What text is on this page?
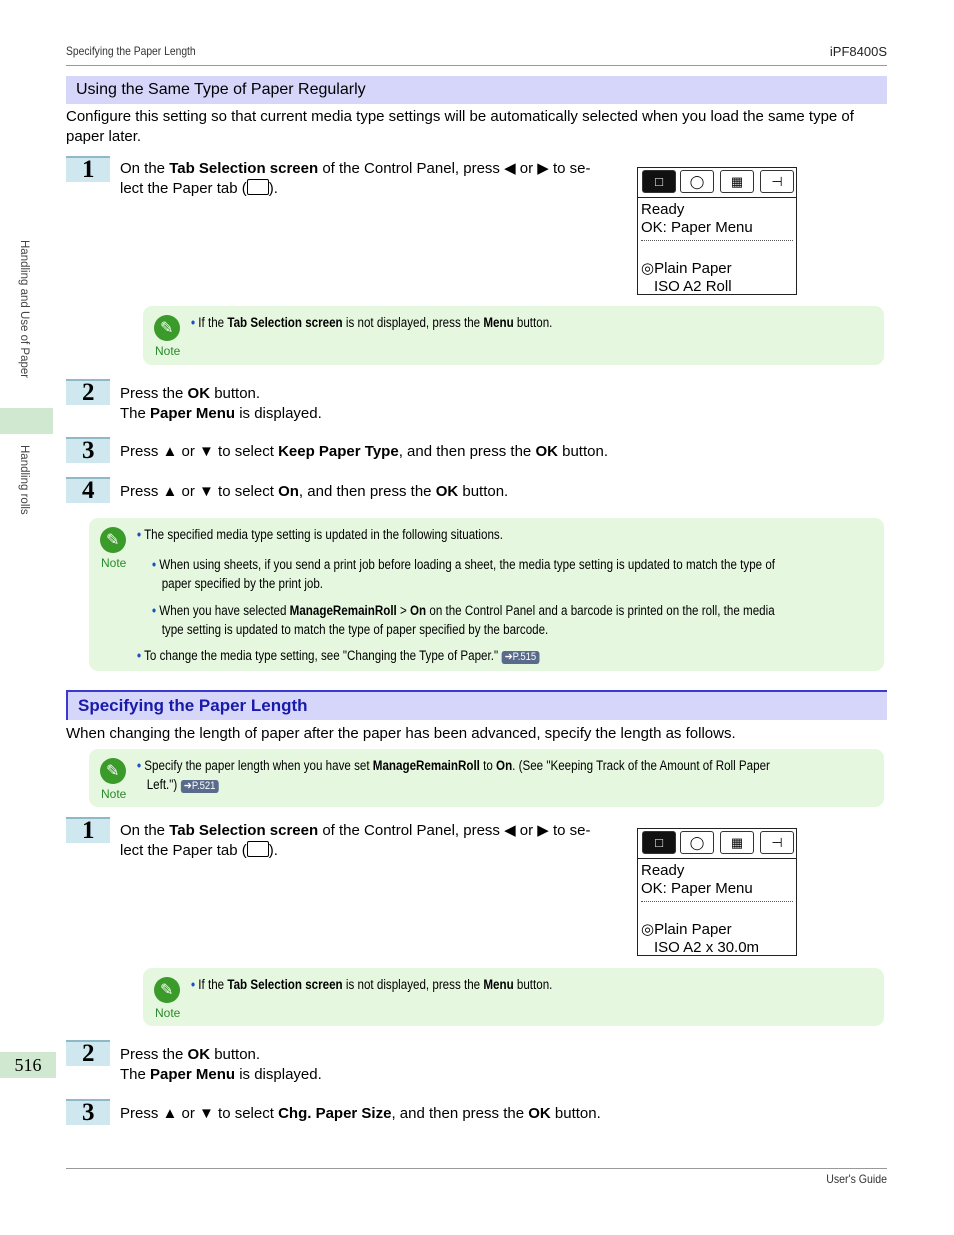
Specifying the Paper Length	iPF8400S
User's Guide
Handling and Use of Paper
Handling rolls
516
Using the Same Type of Paper Regularly
Configure this setting so that current media type settings will be automatically selected when you load the same type of paper later.
1	On the Tab Selection screen of the Control Panel, press ◀ or ▶ to se-
lect the Paper tab ( ).	□	◯	▦	⊣
Ready
OK: Paper Menu
◎Plain Paper
ISO A2 Roll
✎
Note
• If the Tab Selection screen is not displayed, press the Menu button.
2	Press the OK button.
The Paper Menu is displayed.
3	Press ▲ or ▼ to select Keep Paper Type, and then press the OK button.
4	Press ▲ or ▼ to select On, and then press the OK button.
✎
Note
• The specified media type setting is updated in the following situations.
• When using sheets, if you send a print job before loading a sheet, the media type setting is updated to match the type of
paper specified by the print job.
• When you have selected ManageRemainRoll > On on the Control Panel and a barcode is printed on the roll, the media
type setting is updated to match the type of paper specified by the barcode.
• To change the media type setting, see "Changing the Type of Paper." ➔P.515
Specifying the Paper Length
When changing the length of paper after the paper has been advanced, specify the length as follows.
✎
Note
• Specify the paper length when you have set ManageRemainRoll to On. (See "Keeping Track of the Amount of Roll Paper
Left.") ➔P.521
1	On the Tab Selection screen of the Control Panel, press ◀ or ▶ to se-
lect the Paper tab ( ).	□	◯	▦	⊣
Ready
OK: Paper Menu
◎Plain Paper
ISO A2 x 30.0m
✎
Note
• If the Tab Selection screen is not displayed, press the Menu button.
2	Press the OK button.
The Paper Menu is displayed.
3	Press ▲ or ▼ to select Chg. Paper Size, and then press the OK button.
